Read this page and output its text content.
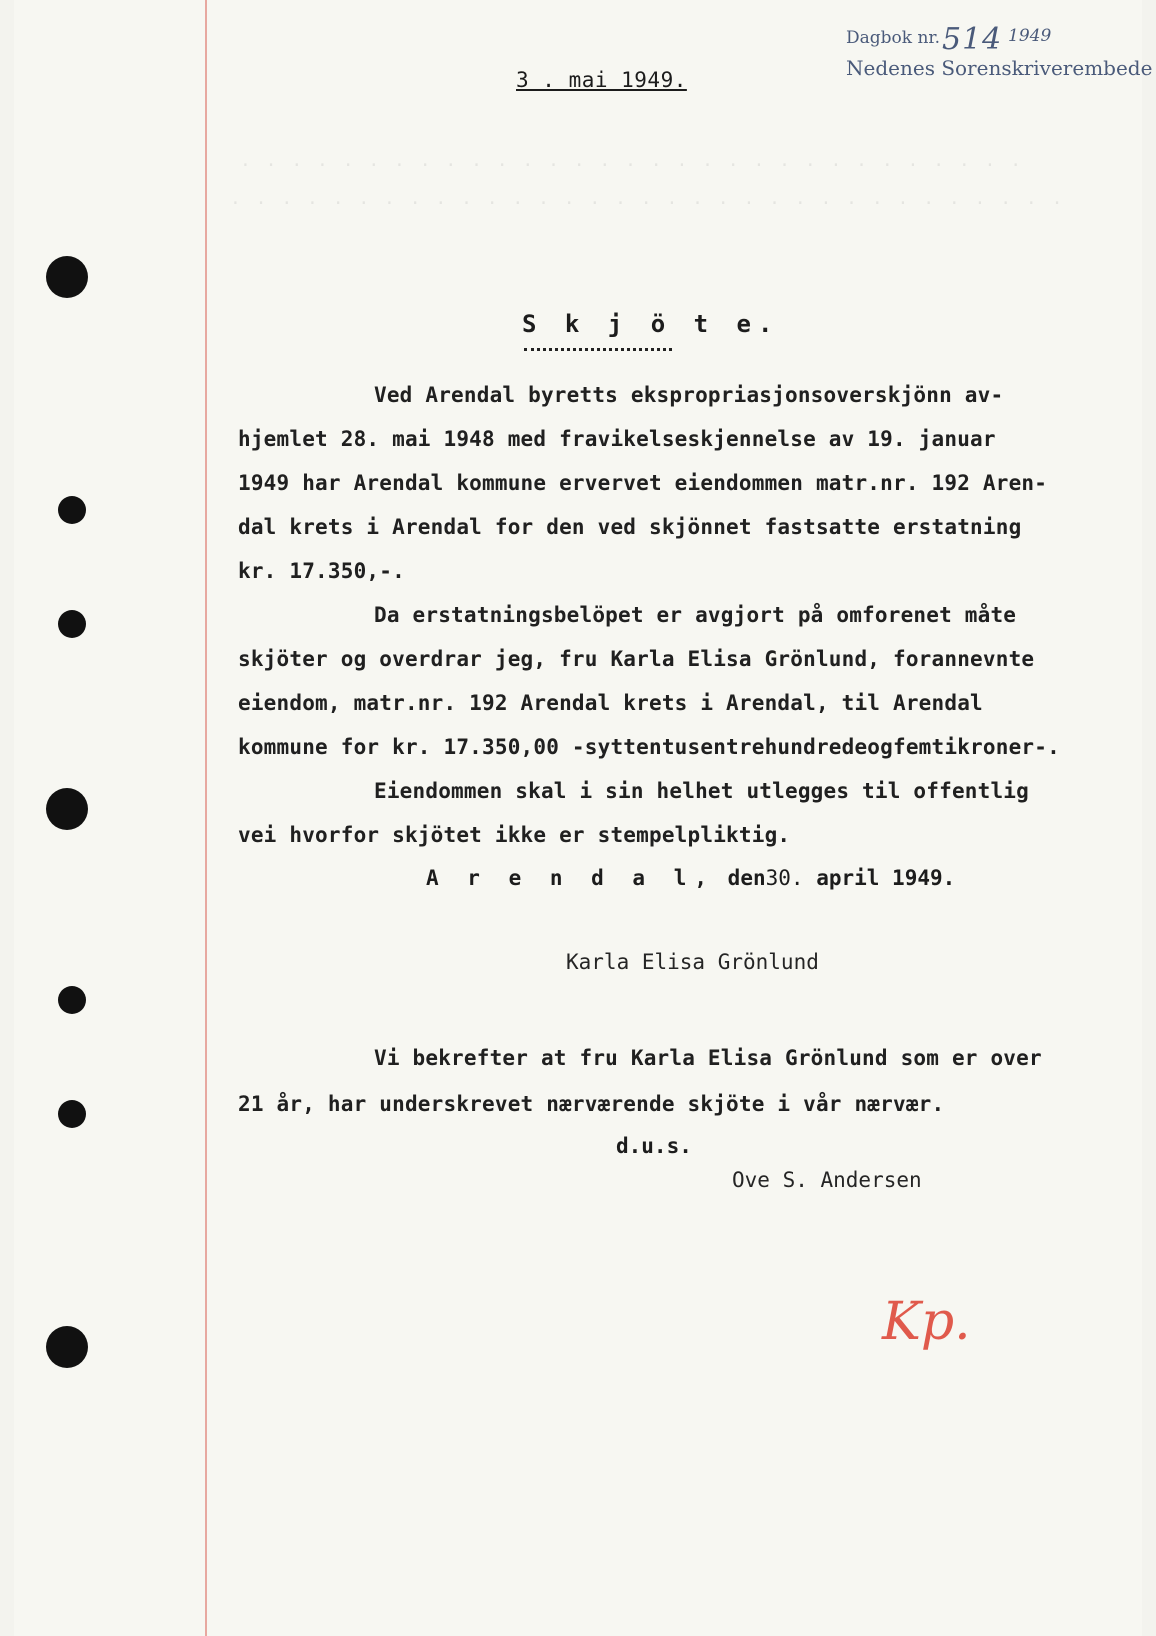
. . . . . . . . . . . . . . . . . . . . . . . . . . . . . . .
. . . . . . . . . . . . . . . . . . . . . . . . . . . . . . . . .
Dagbok nr. 514 1949
Nedenes Sorenskriverembede
3 . mai 1949.
S k j ö t e.
Ved Arendal byretts ekspropriasjonsoverskjönn av-
hjemlet 28. mai 1948 med fravikelseskjennelse av 19. januar
1949 har Arendal kommune ervervet eiendommen matr.nr. 192 Aren-
dal krets i Arendal for den ved skjönnet fastsatte erstatning
kr. 17.350,-.
Da erstatningsbelöpet er avgjort på omforenet måte
skjöter og overdrar jeg, fru Karla Elisa Grönlund, forannevnte
eiendom, matr.nr. 192 Arendal krets i Arendal, til Arendal
kommune for kr. 17.350,00 -syttentusentrehundredeogfemtikroner-.
Eiendommen skal i sin helhet utlegges til offentlig
vei hvorfor skjötet ikke er stempelpliktig.
A r e n d a l, den30. april 1949.
Karla Elisa Grönlund
Vi bekrefter at fru Karla Elisa Grönlund som er over
21 år, har underskrevet nærværende skjöte i vår nærvær.
d.u.s.
Ove S. Andersen
Kp.
